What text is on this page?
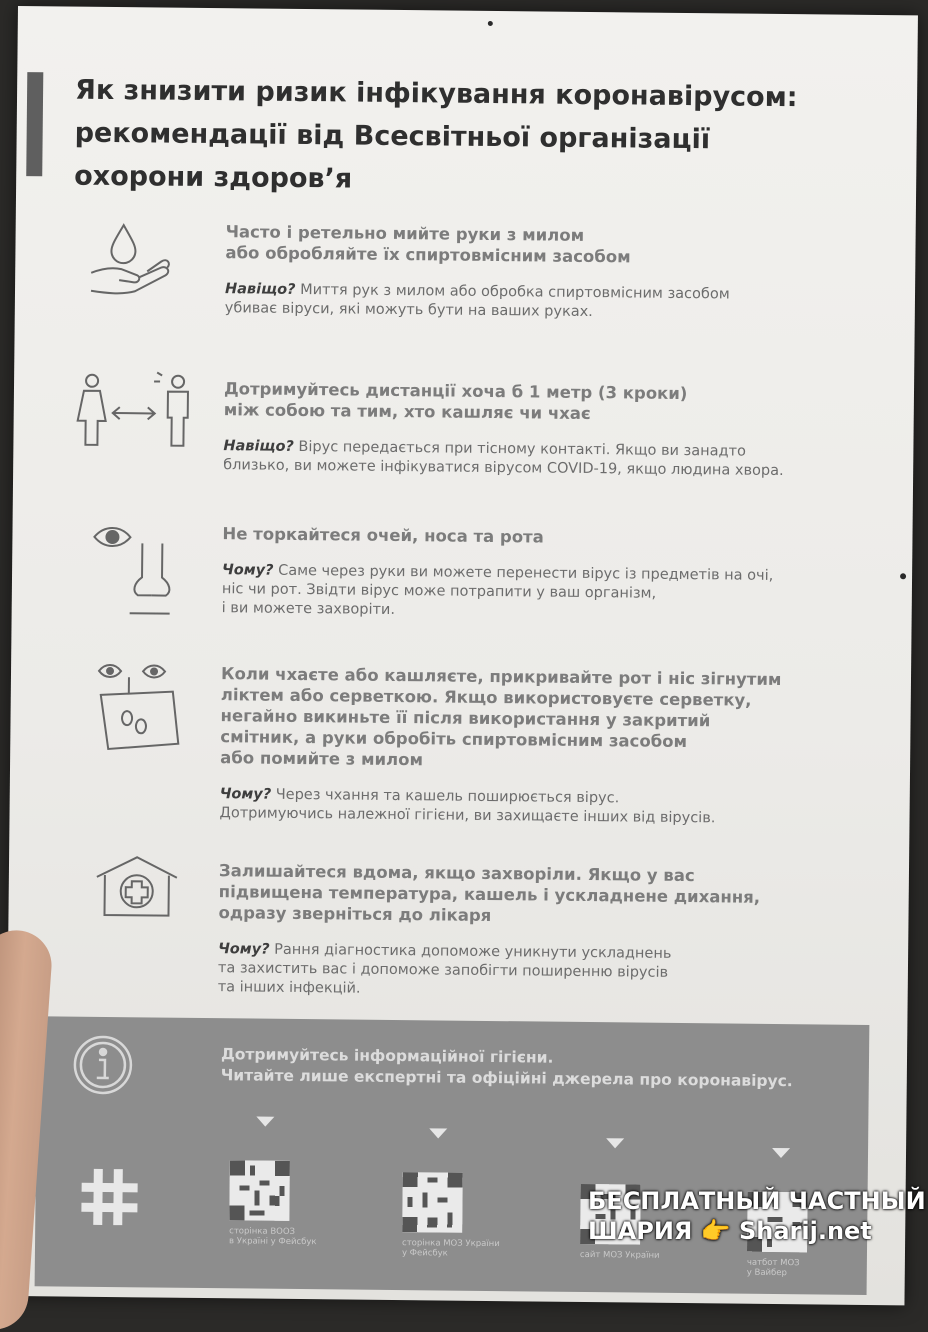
Як знизити ризик інфікування коронавірусом:
рекомендації від Всесвітньої організації
охорони здоров’я
Часто і ретельно мийте руки з милом
або обробляйте їх спиртовмісним засобом
Навіщо? Миття рук з милом або обробка спиртовмісним засобом
убиває віруси, які можуть бути на ваших руках.
Дотримуйтесь дистанції хоча б 1 метр (3 кроки)
між собою та тим, хто кашляє чи чхає
Навіщо? Вірус передається при тісному контакті. Якщо ви занадто
близько, ви можете інфікуватися вірусом COVID-19, якщо людина хвора.
Не торкайтеся очей, носа та рота
Чому? Саме через руки ви можете перенести вірус із предметів на очі,
ніс чи рот. Звідти вірус може потрапити у ваш організм,
і ви можете захворіти.
Коли чхаєте або кашляєте, прикривайте рот і ніс зігнутим
ліктем або серветкою. Якщо використовуєте серветку,
негайно викиньте її після використання у закритий
смітник, а руки обробіть спиртовмісним засобом
або помийте з милом
Чому? Через чхання та кашель поширюється вірус.
Дотримуючись належної гігієни, ви захищаєте інших від вірусів.
Залишайтеся вдома, якщо захворіли. Якщо у вас
підвищена температура, кашель і ускладнене дихання,
одразу зверніться до лікаря
Чому? Рання діагностика допоможе уникнути ускладнень
та захистить вас і допоможе запобігти поширенню вірусів
та інших інфекцій.
Дотримуйтесь інформаційної гігієни.
Читайте лише експертні та офіційні джерела про коронавірус.
сторінка ВООЗ
в Україні у Фейсбук	сторінка МОЗ України
у Фейсбук	сайт МОЗ України
чатбот МОЗ
у Вайбер
БЕСПЛАТНЫЙ ЧАСТНЫЙ
ШАРИЯ 👉 Sharij.net
